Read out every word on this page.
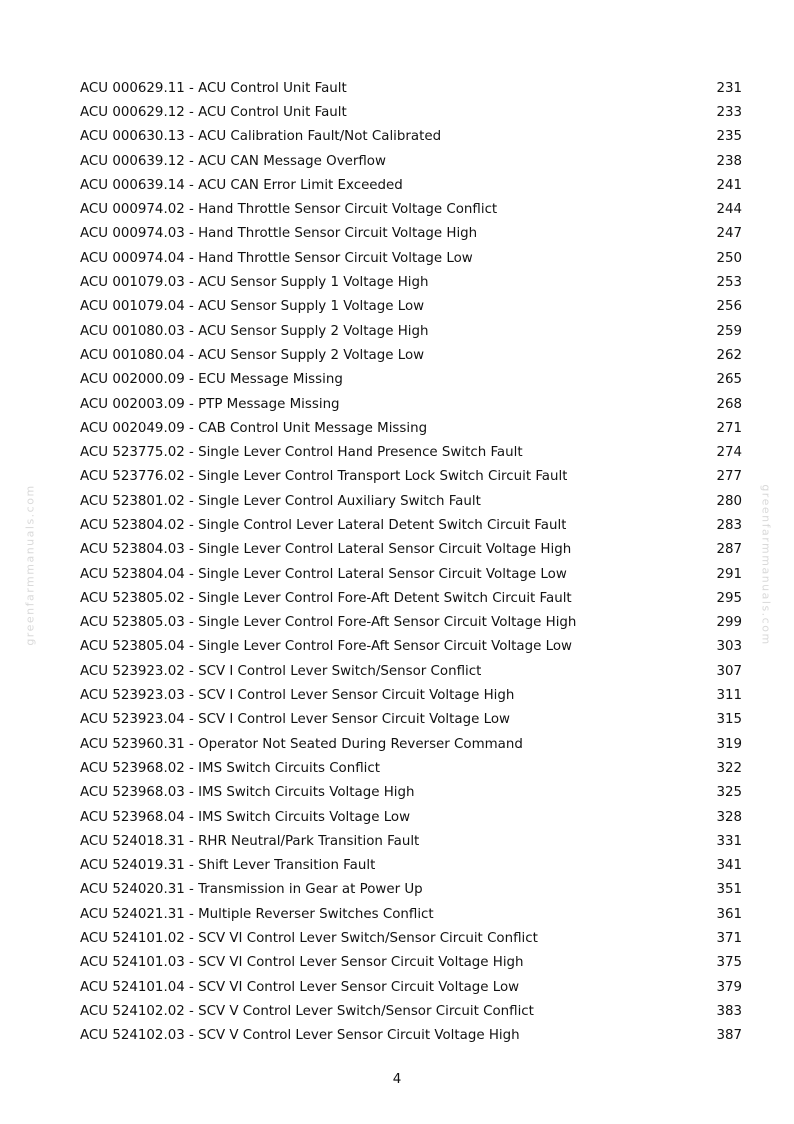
greenfarmmanuals.com	greenfarmmanuals.com
ACU 000629.11 - ACU Control Unit Fault	231
ACU 000629.12 - ACU Control Unit Fault	233
ACU 000630.13 - ACU Calibration Fault/Not Calibrated	235
ACU 000639.12 - ACU CAN Message Overflow	238
ACU 000639.14 - ACU CAN Error Limit Exceeded	241
ACU 000974.02 - Hand Throttle Sensor Circuit Voltage Conflict	244
ACU 000974.03 - Hand Throttle Sensor Circuit Voltage High	247
ACU 000974.04 - Hand Throttle Sensor Circuit Voltage Low	250
ACU 001079.03 - ACU Sensor Supply 1 Voltage High	253
ACU 001079.04 - ACU Sensor Supply 1 Voltage Low	256
ACU 001080.03 - ACU Sensor Supply 2 Voltage High	259
ACU 001080.04 - ACU Sensor Supply 2 Voltage Low	262
ACU 002000.09 - ECU Message Missing	265
ACU 002003.09 - PTP Message Missing	268
ACU 002049.09 - CAB Control Unit Message Missing	271
ACU 523775.02 - Single Lever Control Hand Presence Switch Fault	274
ACU 523776.02 - Single Lever Control Transport Lock Switch Circuit Fault	277
ACU 523801.02 - Single Lever Control Auxiliary Switch Fault	280
ACU 523804.02 - Single Control Lever Lateral Detent Switch Circuit Fault	283
ACU 523804.03 - Single Lever Control Lateral Sensor Circuit Voltage High	287
ACU 523804.04 - Single Lever Control Lateral Sensor Circuit Voltage Low	291
ACU 523805.02 - Single Lever Control Fore-Aft Detent Switch Circuit Fault	295
ACU 523805.03 - Single Lever Control Fore-Aft Sensor Circuit Voltage High	299
ACU 523805.04 - Single Lever Control Fore-Aft Sensor Circuit Voltage Low	303
ACU 523923.02 - SCV I Control Lever Switch/Sensor Conflict	307
ACU 523923.03 - SCV I Control Lever Sensor Circuit Voltage High	311
ACU 523923.04 - SCV I Control Lever Sensor Circuit Voltage Low	315
ACU 523960.31 - Operator Not Seated During Reverser Command	319
ACU 523968.02 - IMS Switch Circuits Conflict	322
ACU 523968.03 - IMS Switch Circuits Voltage High	325
ACU 523968.04 - IMS Switch Circuits Voltage Low	328
ACU 524018.31 - RHR Neutral/Park Transition Fault	331
ACU 524019.31 - Shift Lever Transition Fault	341
ACU 524020.31 - Transmission in Gear at Power Up	351
ACU 524021.31 - Multiple Reverser Switches Conflict	361
ACU 524101.02 - SCV VI Control Lever Switch/Sensor Circuit Conflict	371
ACU 524101.03 - SCV VI Control Lever Sensor Circuit Voltage High	375
ACU 524101.04 - SCV VI Control Lever Sensor Circuit Voltage Low	379
ACU 524102.02 - SCV V Control Lever Switch/Sensor Circuit Conflict	383
ACU 524102.03 - SCV V Control Lever Sensor Circuit Voltage High	387
4
